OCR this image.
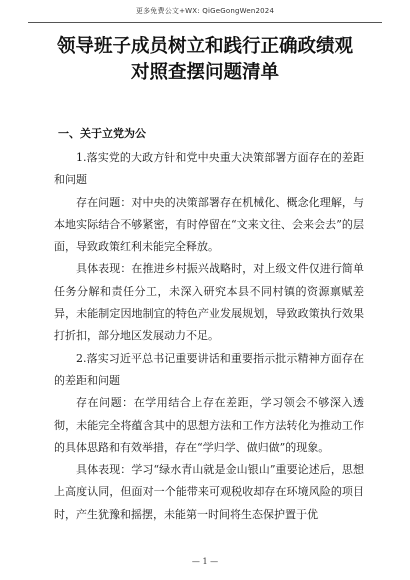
更多免费公文+WX: QiGeGongWen2024
领导班子成员树立和践行正确政绩观
对照查摆问题清单
一、关于立党为公

1.落实党的大政方针和党中央重大决策部署方面存在的差距和问题

存在问题：对中央的决策部署存在机械化、概念化理解，与本地实际结合不够紧密，有时停留在“文来文往、会来会去”的层面，导致政策红利未能完全释放。

具体表现：在推进乡村振兴战略时，对上级文件仅进行简单任务分解和责任分工，未深入研究本县不同村镇的资源禀赋差异，未能制定因地制宜的特色产业发展规划，导致政策执行效果打折扣，部分地区发展动力不足。

2.落实习近平总书记重要讲话和重要指示批示精神方面存在的差距和问题

存在问题：在学用结合上存在差距，学习领会不够深入透彻，未能完全将蕴含其中的思想方法和工作方法转化为推动工作的具体思路和有效举措，存在“学归学、做归做”的现象。

具体表现：学习“绿水青山就是金山银山”重要论述后，思想上高度认同，但面对一个能带来可观税收却存在环境风险的项目时，产生犹豫和摇摆，未能第一时间将生态保护置于优

— 1 —
